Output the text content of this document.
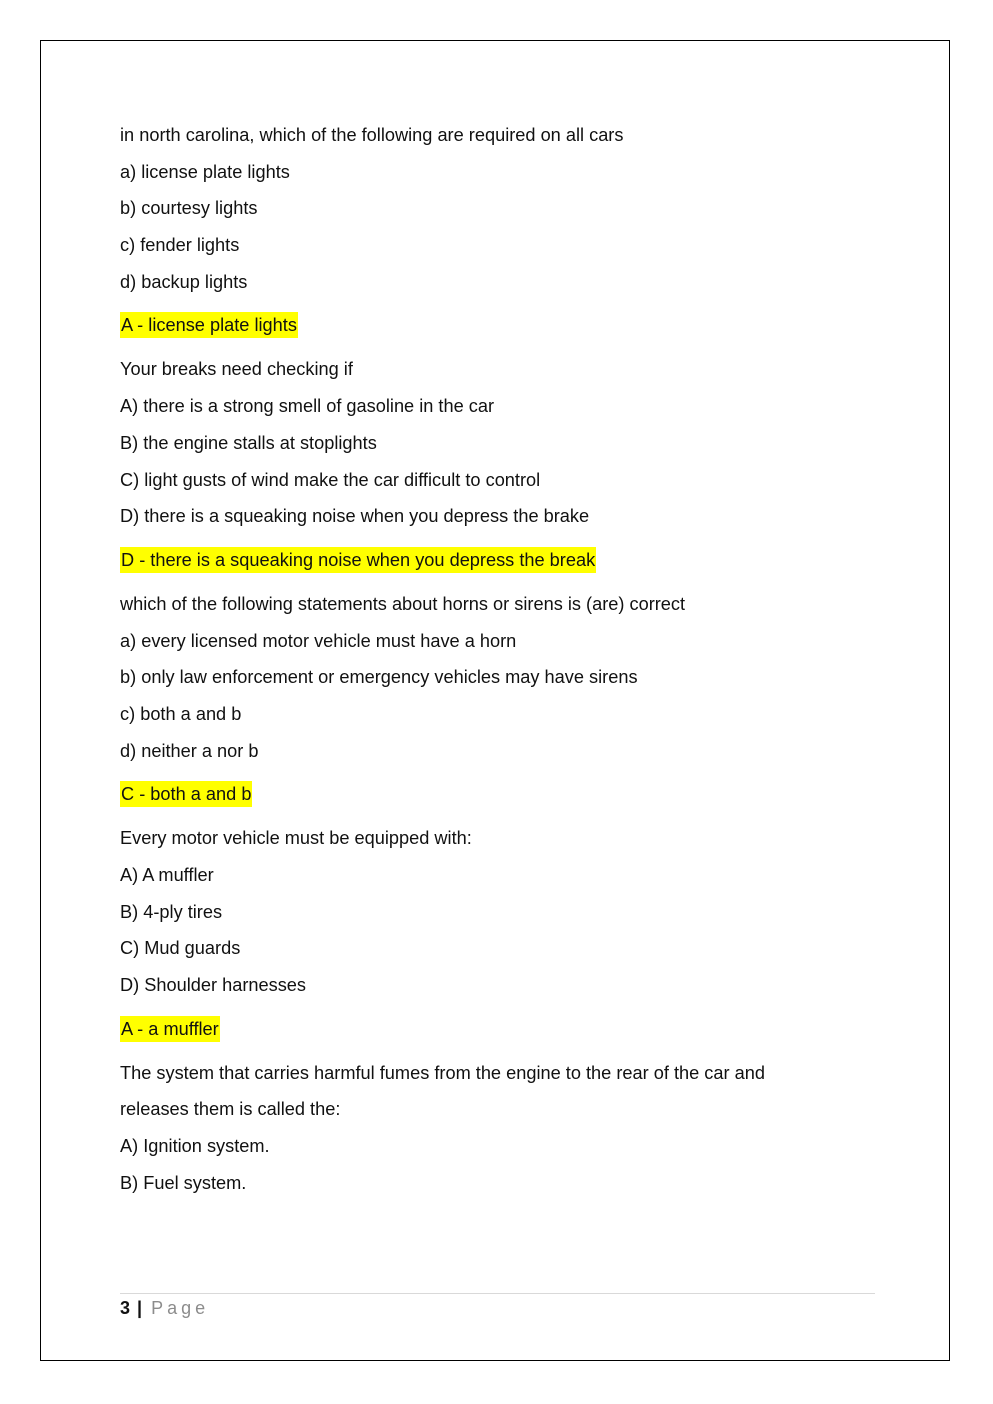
in north carolina, which of the following are required on all cars
a) license plate lights
b) courtesy lights
c) fender lights
d) backup lights
A - license plate lights
Your breaks need checking if
A) there is a strong smell of gasoline in the car
B) the engine stalls at stoplights
C) light gusts of wind make the car difficult to control
D) there is a squeaking noise when you depress the brake
D - there is a squeaking noise when you depress the break
which of the following statements about horns or sirens is (are) correct
a) every licensed motor vehicle must have a horn
b) only law enforcement or emergency vehicles may have sirens
c) both a and b
d) neither a nor b
C - both a and b
Every motor vehicle must be equipped with:
A) A muffler
B) 4-ply tires
C) Mud guards
D) Shoulder harnesses
A - a muffler
The system that carries harmful fumes from the engine to the rear of the car and
releases them is called the:
A) Ignition system.
B) Fuel system.
3 | Page
